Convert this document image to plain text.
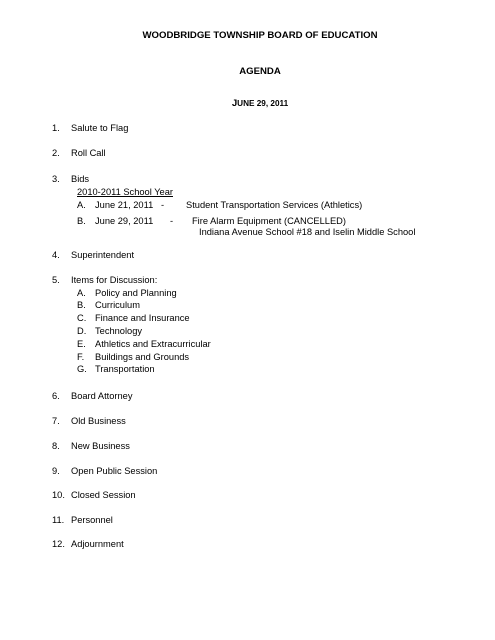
WOODBRIDGE TOWNSHIP BOARD OF EDUCATION
AGENDA
JUNE 29, 2011
1. Salute to Flag
2. Roll Call
3. Bids
2010-2011 School Year
A. June 21, 2011 - Student Transportation Services (Athletics)
B. June 29, 2011 - Fire Alarm Equipment (CANCELLED)
Indiana Avenue School #18 and Iselin Middle School
4. Superintendent
5. Items for Discussion:
A. Policy and Planning
B. Curriculum
C. Finance and Insurance
D. Technology
E. Athletics and Extracurricular
F. Buildings and Grounds
G. Transportation
6. Board Attorney
7. Old Business
8. New Business
9. Open Public Session
10. Closed Session
11. Personnel
12. Adjournment
